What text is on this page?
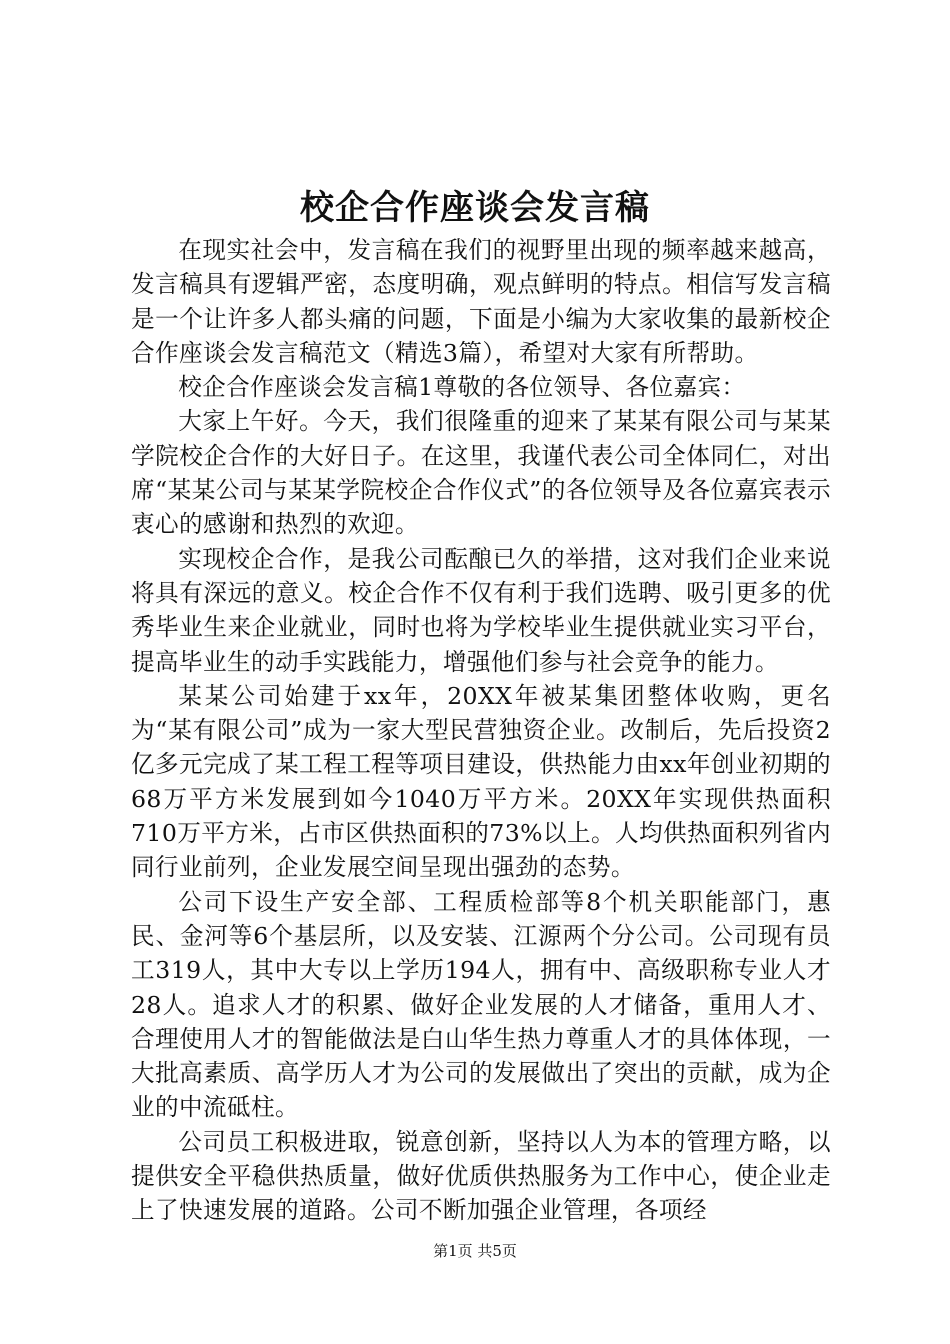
校企合作座谈会发言稿

在现实社会中，发言稿在我们的视野里出现的频率越来越高，发言稿具有逻辑严密，态度明确，观点鲜明的特点。相信写发言稿是一个让许多人都头痛的问题，下面是小编为大家收集的最新校企合作座谈会发言稿范文（精选3篇），希望对大家有所帮助。

校企合作座谈会发言稿1尊敬的各位领导、各位嘉宾：

大家上午好。今天，我们很隆重的迎来了某某有限公司与某某学院校企合作的大好日子。在这里，我谨代表公司全体同仁，对出席“某某公司与某某学院校企合作仪式”的各位领导及各位嘉宾表示衷心的感谢和热烈的欢迎。

实现校企合作，是我公司酝酿已久的举措，这对我们企业来说将具有深远的意义。校企合作不仅有利于我们选聘、吸引更多的优秀毕业生来企业就业，同时也将为学校毕业生提供就业实习平台，提高毕业生的动手实践能力，增强他们参与社会竞争的能力。

某某公司始建于xx年，20XX年被某集团整体收购，更名为“某有限公司”成为一家大型民营独资企业。改制后，先后投资2亿多元完成了某工程工程等项目建设，供热能力由xx年创业初期的68万平方米发展到如今1040万平方米。20XX年实现供热面积710万平方米，占市区供热面积的73%以上。人均供热面积列省内同行业前列，企业发展空间呈现出强劲的态势。

公司下设生产安全部、工程质检部等8个机关职能部门，惠民、金河等6个基层所，以及安装、江源两个分公司。公司现有员工319人，其中大专以上学历194人，拥有中、高级职称专业人才28人。追求人才的积累、做好企业发展的人才储备，重用人才、合理使用人才的智能做法是白山华生热力尊重人才的具体体现，一大批高素质、高学历人才为公司的发展做出了突出的贡献，成为企业的中流砥柱。

公司员工积极进取，锐意创新，坚持以人为本的管理方略，以提供安全平稳供热质量，做好优质供热服务为工作中心，使企业走上了快速发展的道路。公司不断加强企业管理，各项经

第1页 共5页
